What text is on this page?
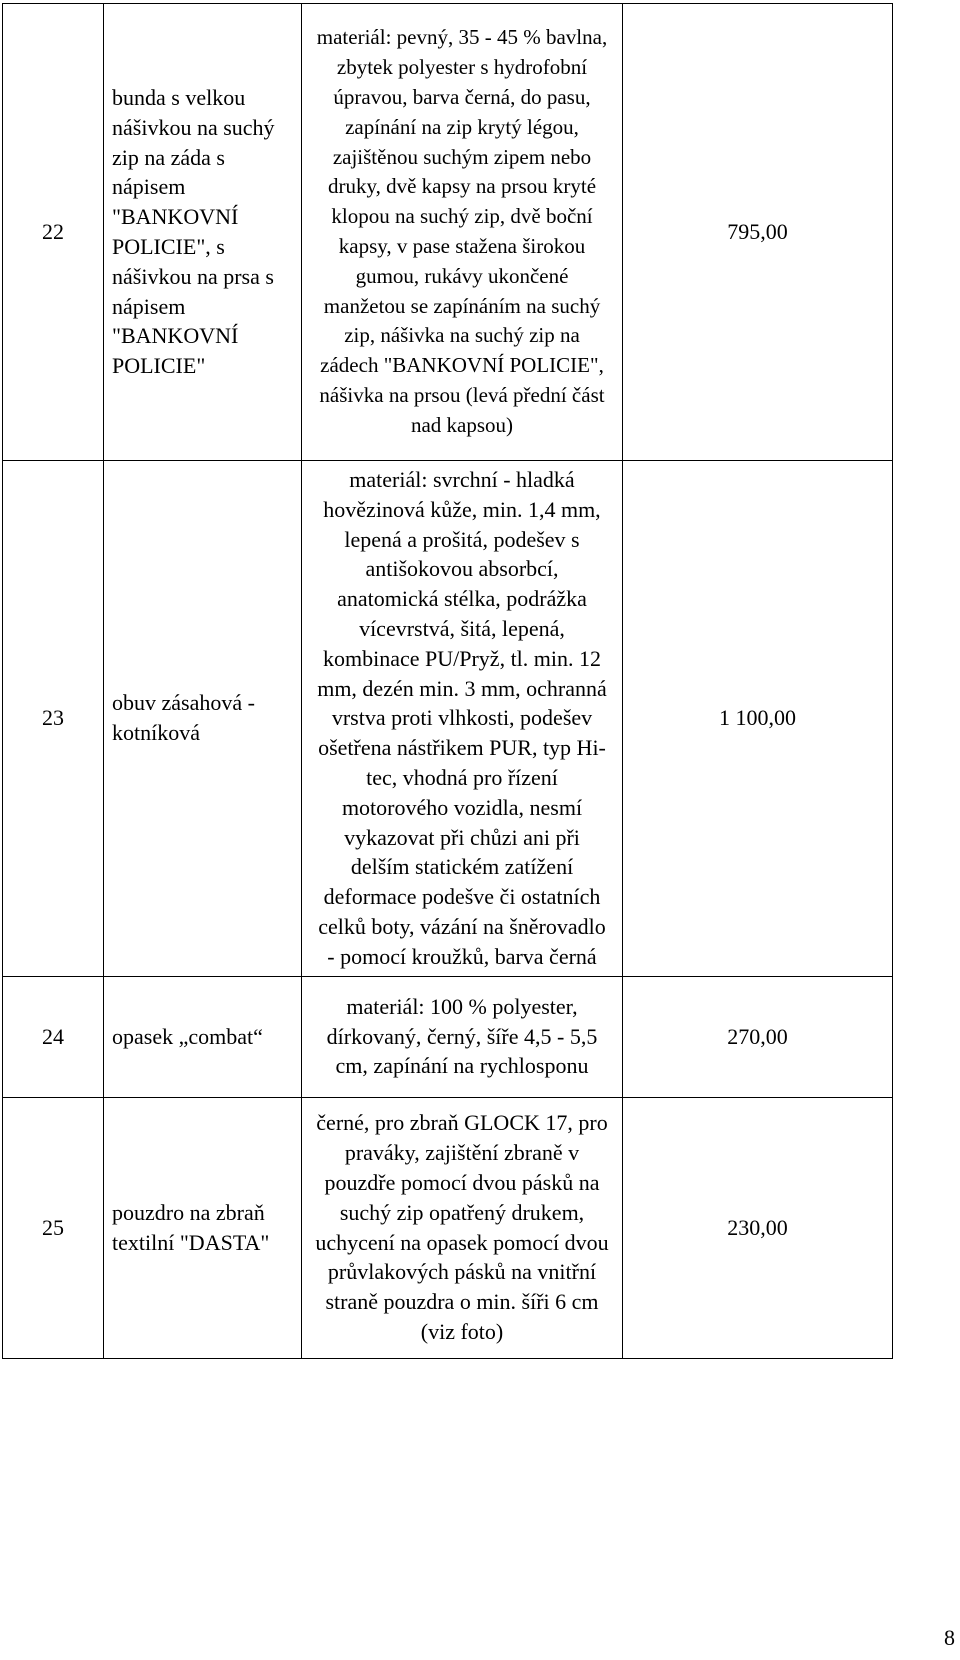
22	bunda s velkou nášivkou na suchý zip na záda s nápisem "BANKOVNÍ POLICIE", s nášivkou na prsa s nápisem "BANKOVNÍ POLICIE"	materiál: pevný, 35 - 45 % bavlna, zbytek polyester s hydrofobní úpravou, barva černá, do pasu, zapínání na zip krytý légou, zajištěnou suchým zipem nebo druky, dvě kapsy na prsou kryté klopou na suchý zip, dvě boční kapsy, v pase stažena širokou gumou, rukávy ukončené manžetou se zapínáním na suchý zip, nášivka na suchý zip na zádech "BANKOVNÍ POLICIE", nášivka na prsou (levá přední část nad kapsou)	795,00
23	obuv zásahová - kotníková	materiál: svrchní - hladká hovězinová kůže, min. 1,4 mm, lepená a prošitá, podešev s antišokovou absorbcí, anatomická stélka, podrážka vícevrstvá, šitá, lepená, kombinace PU/Pryž, tl. min. 12 mm, dezén min. 3 mm, ochranná vrstva proti vlhkosti, podešev ošetřena nástřikem PUR, typ Hi-tec, vhodná pro řízení motorového vozidla, nesmí vykazovat při chůzi ani při delším statickém zatížení deformace podešve či ostatních celků boty, vázání na šněrovadlo - pomocí kroužků, barva černá	1 100,00
24	opasek „combat“	materiál: 100 % polyester, dírkovaný, černý, šíře 4,5 - 5,5 cm, zapínání na rychlosponu	270,00
25	pouzdro na zbraň textilní "DASTA"	černé, pro zbraň GLOCK 17, pro praváky, zajištění zbraně v pouzdře pomocí dvou pásků na suchý zip opatřený drukem, uchycení na opasek pomocí dvou průvlakových pásků na vnitřní straně pouzdra o min. šíři 6 cm (viz foto)	230,00
8
